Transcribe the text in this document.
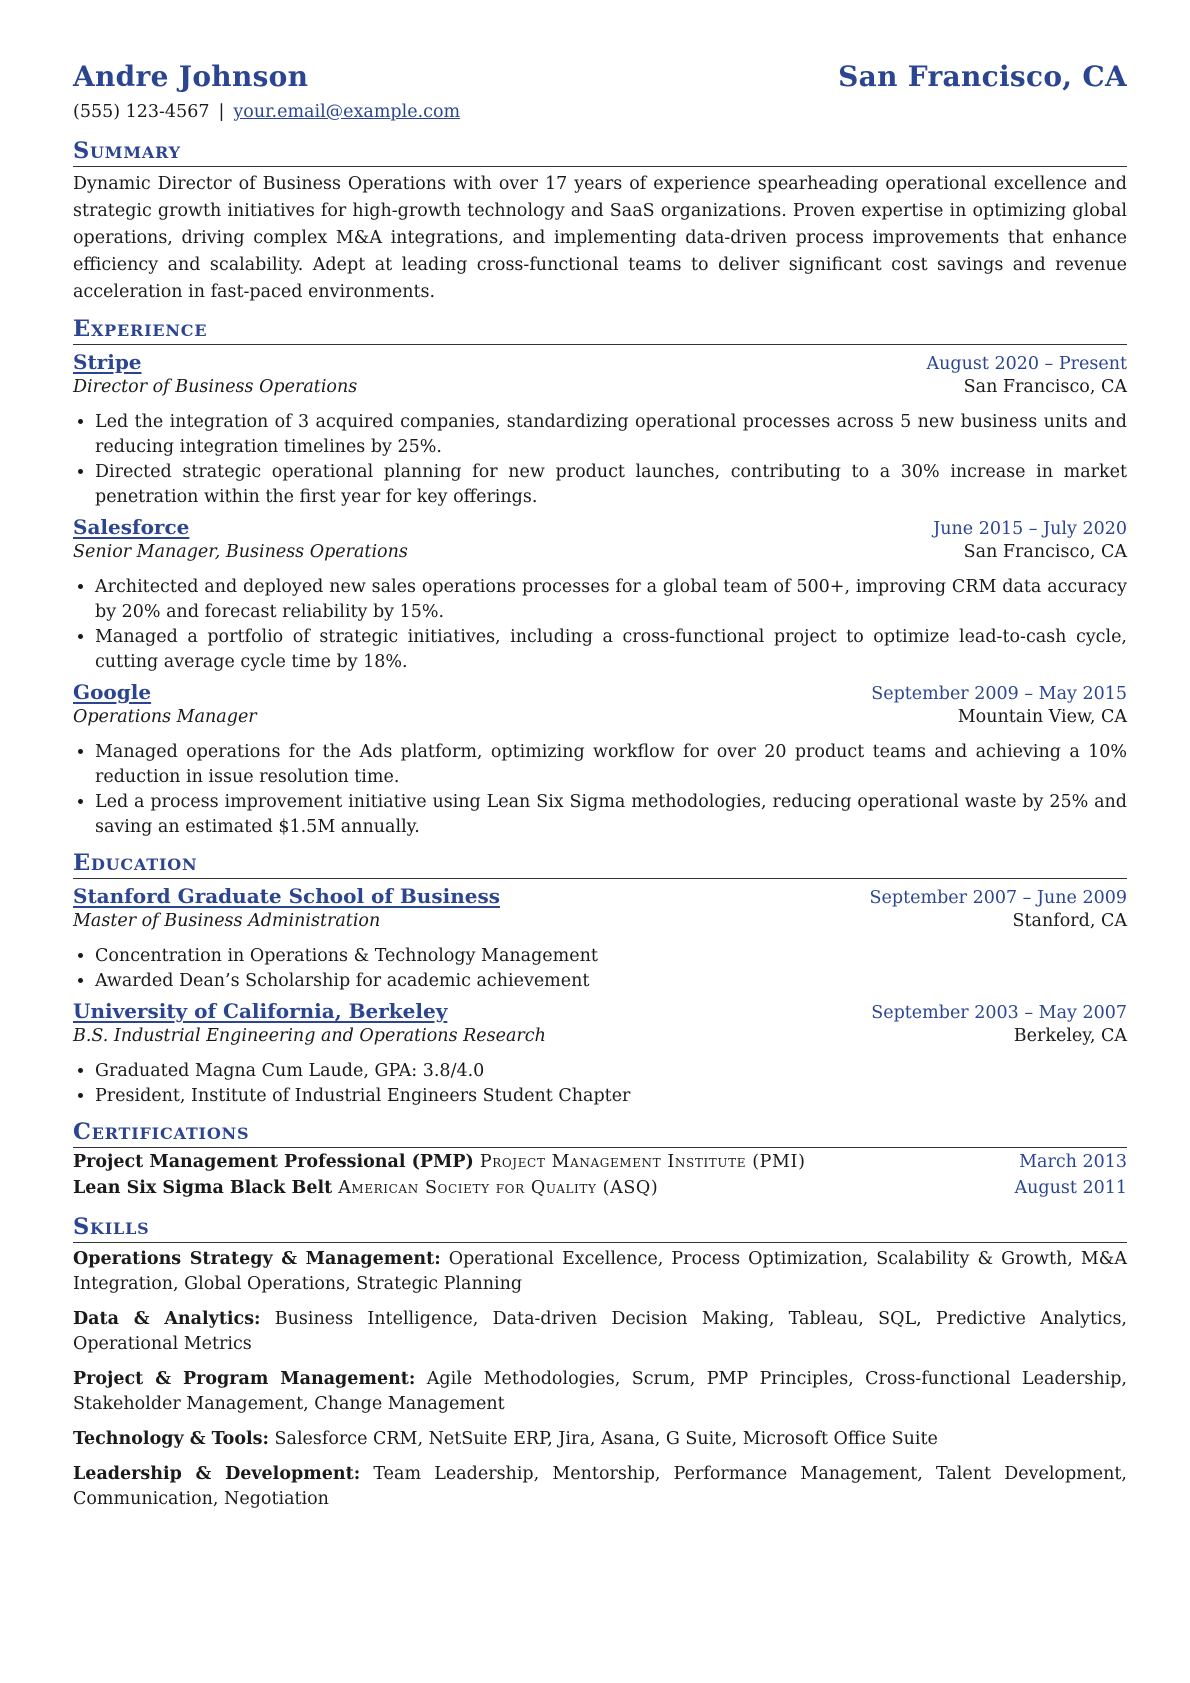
Andre Johnson	San Francisco, CA
(555) 123-4567 | your.email@example.com
Summary
Dynamic Director of Business Operations with over 17 years of experience spearheading operational excellence and strategic growth initiatives for high-growth technology and SaaS organizations. Proven expertise in optimizing global operations, driving complex M&A integrations, and implementing data-driven process improvements that enhance efficiency and scalability. Adept at leading cross-functional teams to deliver significant cost savings and revenue acceleration in fast-paced environments.
Experience
Stripe	August 2020 – Present
Director of Business Operations	San Francisco, CA
• Led the integration of 3 acquired companies, standardizing operational processes across 5 new business units and reducing integration timelines by 25%.
• Directed strategic operational planning for new product launches, contributing to a 30% increase in market penetration within the first year for key offerings.
Salesforce	June 2015 – July 2020
Senior Manager, Business Operations	San Francisco, CA
• Architected and deployed new sales operations processes for a global team of 500+, improving CRM data accuracy by 20% and forecast reliability by 15%.
• Managed a portfolio of strategic initiatives, including a cross-functional project to optimize lead-to-cash cycle, cutting average cycle time by 18%.
Google	September 2009 – May 2015
Operations Manager	Mountain View, CA
• Managed operations for the Ads platform, optimizing workflow for over 20 product teams and achieving a 10% reduction in issue resolution time.
• Led a process improvement initiative using Lean Six Sigma methodologies, reducing operational waste by 25% and saving an estimated $1.5M annually.
Education
Stanford Graduate School of Business	September 2007 – June 2009
Master of Business Administration	Stanford, CA
• Concentration in Operations & Technology Management
• Awarded Dean’s Scholarship for academic achievement
University of California, Berkeley	September 2003 – May 2007
B.S. Industrial Engineering and Operations Research	Berkeley, CA
• Graduated Magna Cum Laude, GPA: 3.8/4.0
• President, Institute of Industrial Engineers Student Chapter
Certifications
Project Management Professional (PMP) Project Management Institute (PMI)	March 2013
Lean Six Sigma Black Belt American Society for Quality (ASQ)	August 2011
Skills
Operations Strategy & Management: Operational Excellence, Process Optimization, Scalability & Growth, M&A Integration, Global Operations, Strategic Planning
Data & Analytics: Business Intelligence, Data-driven Decision Making, Tableau, SQL, Predictive Analytics, Operational Metrics
Project & Program Management: Agile Methodologies, Scrum, PMP Principles, Cross-functional Leadership, Stakeholder Management, Change Management
Technology & Tools: Salesforce CRM, NetSuite ERP, Jira, Asana, G Suite, Microsoft Office Suite
Leadership & Development: Team Leadership, Mentorship, Performance Management, Talent Development, Communication, Negotiation
